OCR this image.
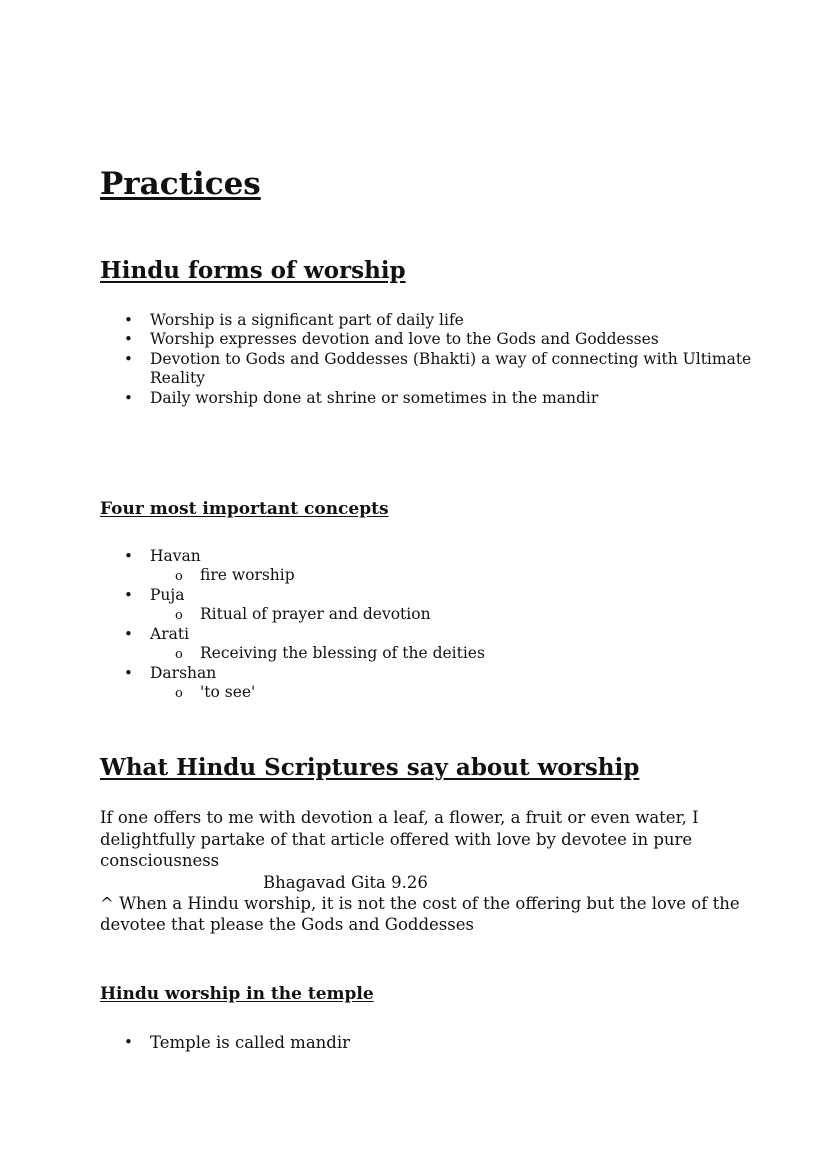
Practices
Hindu forms of worship
• Worship is a significant part of daily life

• Worship expresses devotion and love to the Gods and Goddesses

• Devotion to Gods and Goddesses (Bhakti) a way of connecting with Ultimate

Reality

• Daily worship done at shrine or sometimes in the mandir

Four most important concepts
• Havan

o fire worship

• Puja

o Ritual of prayer and devotion

• Arati

o Receiving the blessing of the deities

• Darshan

o 'to see'

What Hindu Scriptures say about worship

If one offers to me with devotion a leaf, a flower, a fruit or even water, I

delightfully partake of that article offered with love by devotee in pure

consciousness

Bhagavad Gita 9.26

^ When a Hindu worship, it is not the cost of the offering but the love of the

devotee that please the Gods and Goddesses

Hindu worship in the temple
• Temple is called mandir
